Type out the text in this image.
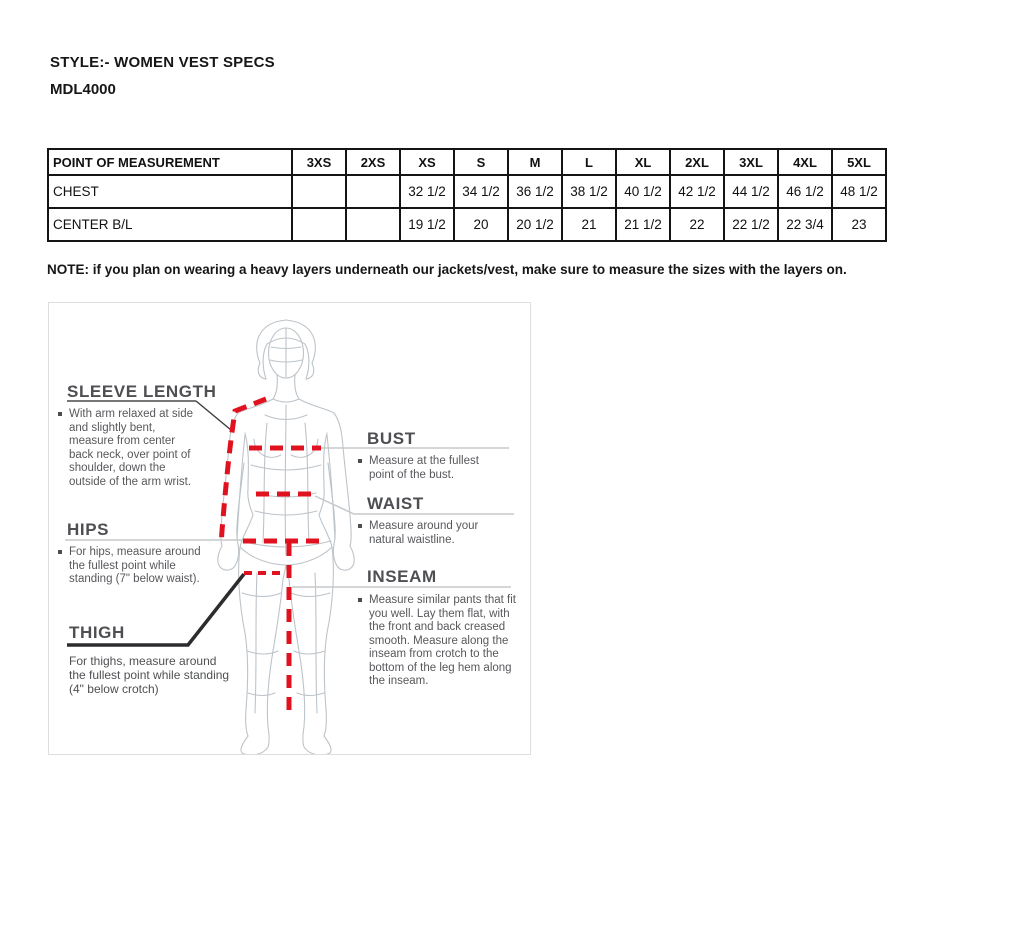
STYLE:- WOMEN VEST SPECS
MDL4000
POINT OF MEASUREMENT	3XS	2XS	XS	S	M	L	XL	2XL	3XL	4XL	5XL
CHEST			32 1/2	34 1/2	36 1/2	38 1/2	40 1/2	42 1/2	44 1/2	46 1/2	48 1/2
CENTER B/L			19 1/2	20	20 1/2	21	21 1/2	22	22 1/2	22 3/4	23
NOTE: if you plan on wearing a heavy layers underneath our jackets/vest, make sure to measure the sizes with the layers on.
SLEEVE LENGTH
With arm relaxed at side and slightly bent, measure from center back neck, over point of shoulder, down the outside of the arm wrist.
HIPS
For hips, measure around the fullest point while standing (7" below waist).
THIGH
For thighs, measure around the fullest point while standing (4" below crotch)
BUST
Measure at the fullest point of the bust.
WAIST
Measure around your natural waistline.
INSEAM
Measure similar pants that fit you well. Lay them flat, with the front and back creased smooth. Measure along the inseam from crotch to the bottom of the leg hem along the inseam.
